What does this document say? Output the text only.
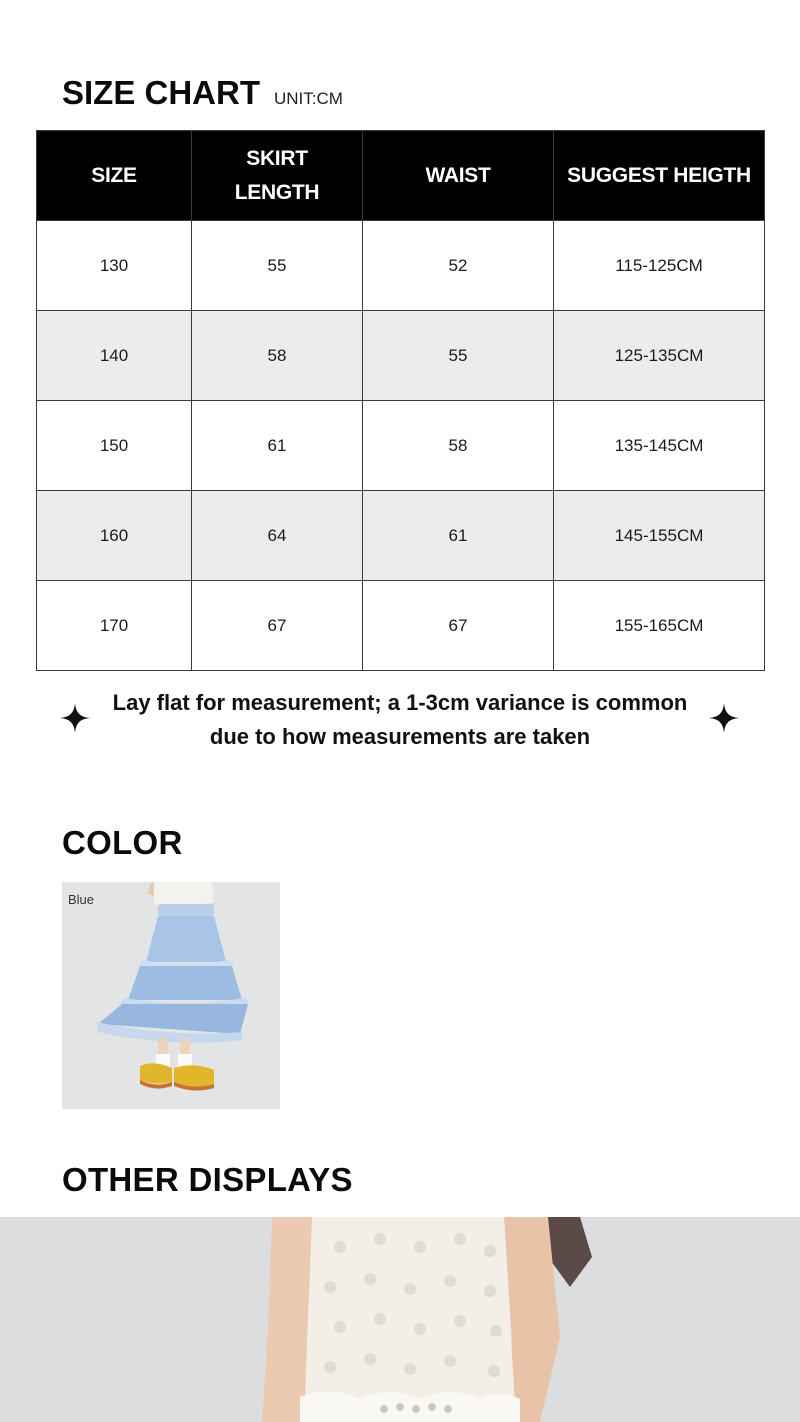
SIZE CHART UNIT:CM
SIZE	SKIRT LENGTH	WAIST	SUGGEST HEIGTH
130	55	52	115-125CM
140	58	55	125-135CM
150	61	58	135-145CM
160	64	61	145-155CM
170	67	67	155-165CM
Lay flat for measurement; a 1-3cm variance is common
due to how measurements are taken
COLOR
Blue
OTHER DISPLAYS
